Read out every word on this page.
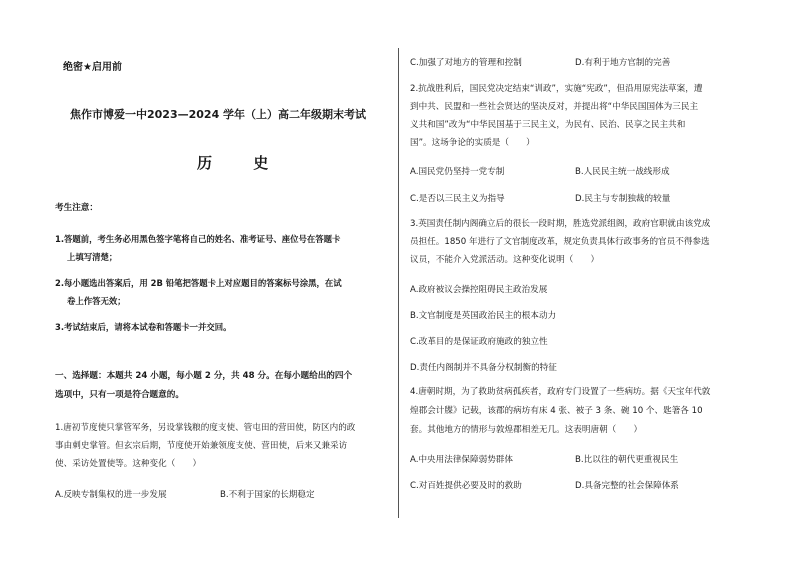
绝密★启用前
焦作市博爱一中2023—2024 学年（上）高二年级期末考试
历 史
考生注意：
1.答题前，考生务必用黑色签字笔将自己的姓名、准考证号、座位号在答题卡
上填写清楚；
2.每小题选出答案后，用 2B 铅笔把答题卡上对应题目的答案标号涂黑，在试
卷上作答无效；
3.考试结束后，请将本试卷和答题卡一并交回。
一、选择题：本题共 24 小题，每小题 2 分，共 48 分。在每小题给出的四个
选项中，只有一项是符合题意的。
1.唐初节度使只掌管军务，另设掌钱粮的度支使、管屯田的营田使，防区内的政
事由刺史掌管。但玄宗后期，节度使开始兼领度支使、营田使，后来又兼采访
使、采访处置使等。这种变化（　　）
A.反映专制集权的进一步发展	B.不利于国家的长期稳定
C.加强了对地方的管理和控制	D.有利于地方官制的完善
2.抗战胜利后，国民党决定结束“训政”，实施“宪政”，但沿用原宪法草案，遭
到中共、民盟和一些社会贤达的坚决反对，并提出将“中华民国国体为三民主
义共和国”改为“中华民国基于三民主义，为民有、民治、民享之民主共和
国”。这场争论的实质是（　　）
A.国民党仍坚持一党专制	B.人民民主统一战线形成
C.是否以三民主义为指导	D.民主与专制独裁的较量
3.英国责任制内阁确立后的很长一段时期，胜选党派组阁，政府官职就由该党成
员担任。1850 年进行了文官制度改革，规定负责具体行政事务的官员不得参选
议员，不能介入党派活动。这种变化说明（　　）
A.政府被议会操控阻碍民主政治发展
B.文官制度是英国政治民主的根本动力
C.改革目的是保证政府施政的独立性
D.责任内阁制并不具备分权制衡的特征
4.唐朝时期，为了救助贫病孤疾者，政府专门设置了一些病坊。据《天宝年代敦
煌郡会计牒》记载，该郡的病坊有床 4 张、被子 3 条、碗 10 个、匙箸各 10
套。其他地方的情形与敦煌郡相差无几。这表明唐朝（　　）
A.中央用法律保障弱势群体	B.比以往的朝代更重视民生
C.对百姓提供必要及时的救助	D.具备完整的社会保障体系
